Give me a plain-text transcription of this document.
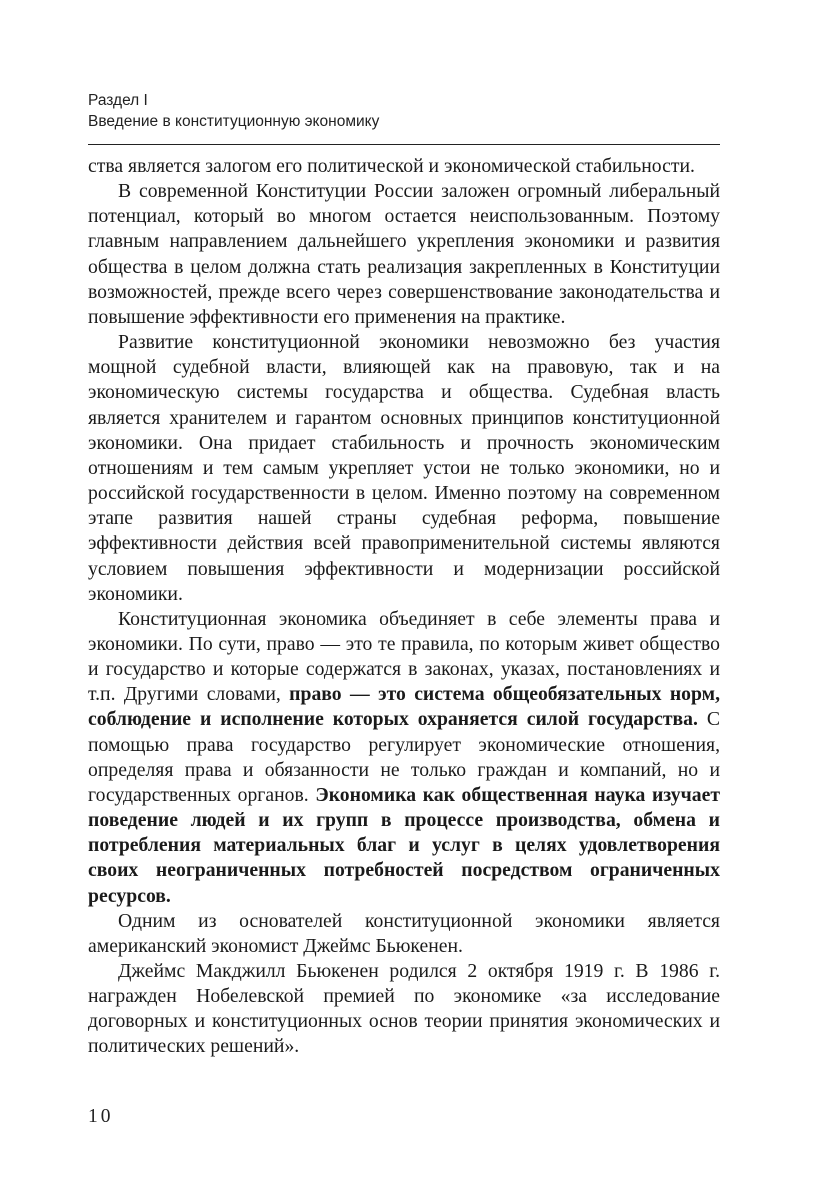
Раздел I
Введение в конституционную экономику

ства является залогом его политической и экономической стабильности.

В современной Конституции России заложен огромный либеральный потенциал, который во многом остается неиспользованным. Поэтому главным направлением дальнейшего укрепления экономики и развития общества в целом должна стать реализация закрепленных в Конституции возможностей, прежде всего через совершенствование законодательства и повышение эффективности его применения на практике.

Развитие конституционной экономики невозможно без участия мощной судебной власти, влияющей как на правовую, так и на экономическую системы государства и общества. Судебная власть является хранителем и гарантом основных принципов конституционной экономики. Она придает стабильность и прочность экономическим отношениям и тем самым укрепляет устои не только экономики, но и российской государственности в целом. Именно поэтому на современном этапе развития нашей страны судебная реформа, повышение эффективности действия всей правоприменительной системы являются условием повышения эффективности и модернизации российской экономики.

Конституционная экономика объединяет в себе элементы права и экономики. По сути, право — это те правила, по которым живет общество и государство и которые содержатся в законах, указах, постановлениях и т.п. Другими словами, право — это система общеобязательных норм, соблюдение и исполнение которых охраняется силой государства. С помощью права государство регулирует экономические отношения, определяя права и обязанности не только граждан и компаний, но и государственных органов. Экономика как общественная наука изучает поведение людей и их групп в процессе производства, обмена и потребления материальных благ и услуг в целях удовлетворения своих неограниченных потребностей посредством ограниченных ресурсов.

Одним из основателей конституционной экономики является американский экономист Джеймс Бьюкенен.

Джеймс Макджилл Бьюкенен родился 2 октября 1919 г. В 1986 г. награжден Нобелевской премией по экономике «за исследование договорных и конституционных основ теории принятия экономических и политических решений».

10
